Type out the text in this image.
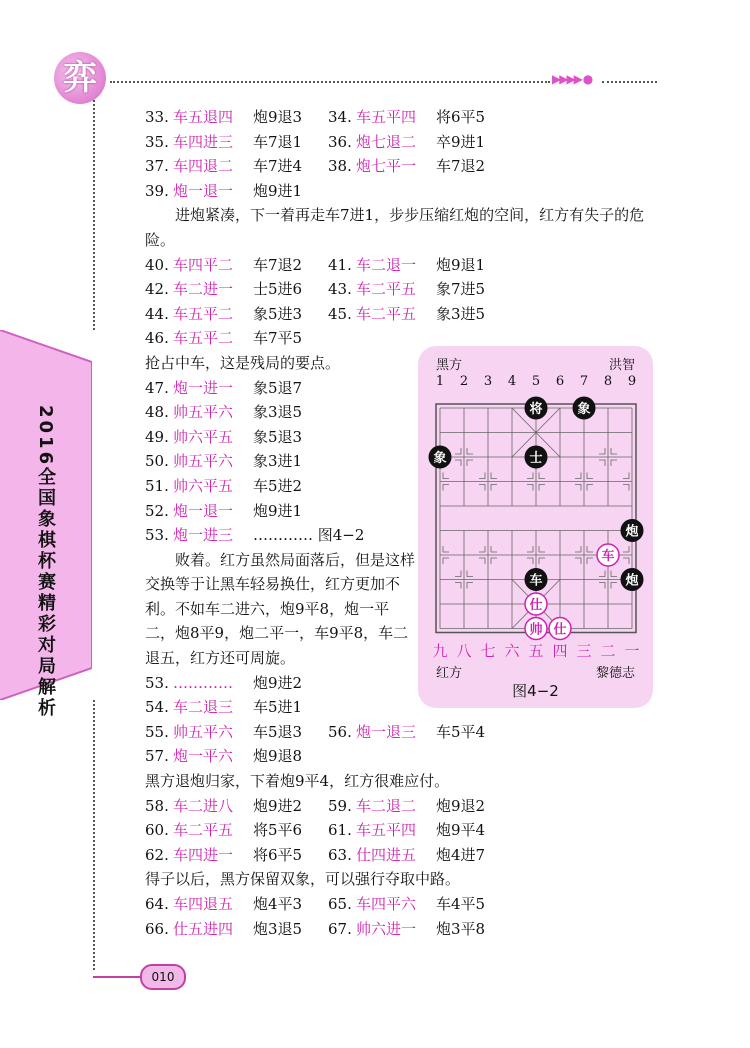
弈	▶▶▶▶ ●
2016全国象棋杯赛精彩对局解析
33. 车五退四 炮9退3 34. 车五平四 将6平5
35. 车四进三 车7退1 36. 炮七退二 卒9进1
37. 车四退二 车7进4 38. 炮七平一 车7退2
39. 炮一退一 炮9进1
进炮紧凑，下一着再走车7进1，步步压缩红炮的空间，红方有失子的危险。
40. 车四平二 车7退2 41. 车二退一 炮9退1
42. 车二进一 士5进6 43. 车二平五 象7进5
44. 车五平二 象5进3 45. 车二平五 象3进5
46. 车五平二 车7平5
抢占中车，这是残局的要点。
47. 炮一进一 象5退7
48. 帅五平六 象3退5
49. 帅六平五 象5退3
50. 帅五平六 象3进1
51. 帅六平五 车5进2
52. 炮一退一 炮9进1
53. 炮一进三 ………… 图4−2
败着。红方虽然局面落后，但是这样交换等于让黑车轻易换仕，红方更加不利。不如车二进六，炮9平8，炮一平二，炮8平9，炮二平一，车9平8，车二退五，红方还可周旋。
53. ………… 炮9进2
54. 车二退三 车5进1
55. 帅五平六 车5退3 56. 炮一退三 车5平4
57. 炮一平六 炮9退8
黑方退炮归家，下着炮9平4，红方很难应付。
58. 车二进八 炮9进2 59. 车二退二 炮9退2
60. 车二平五 将5平6 61. 车五平四 炮9平4
62. 车四进一 将6平5 63. 仕四进五 炮4进7
得子以后，黑方保留双象，可以强行夺取中路。
64. 车四退五 炮4平3 65. 车四平六 车4平5
66. 仕五进四 炮3退5 67. 帅六进一 炮3平8
黑方	洪智
1 2 3 4 5 6 7 8 9
将	象
象	士
炮
车
车	炮
仕
帅 仕
九 八 七 六 五 四 三 二 一
红方	黎德志
图4−2
010
